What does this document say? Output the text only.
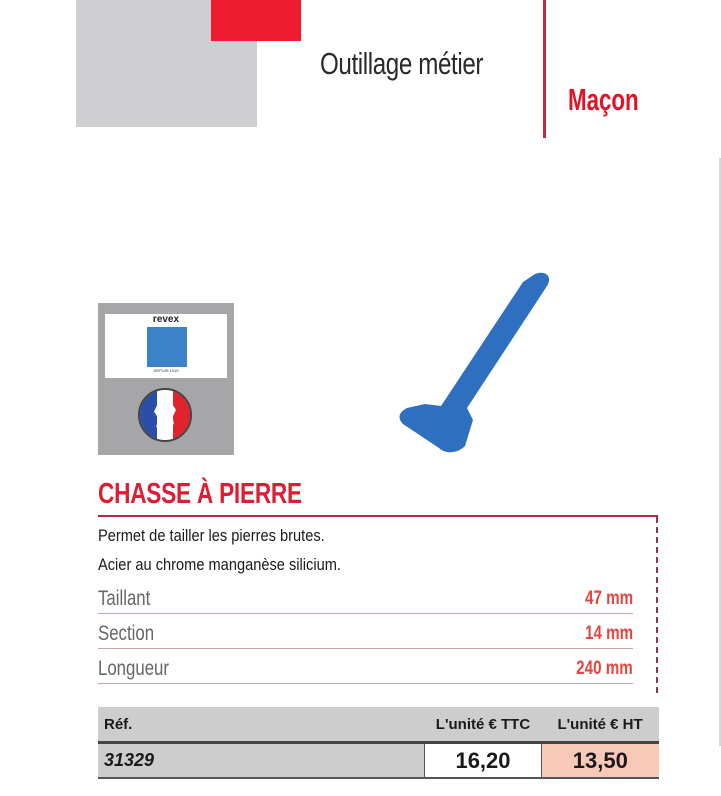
Outillage métier
Maçon
revex
DEPUIS 1919
CHASSE À PIERRE
Permet de tailler les pierres brutes.
Acier au chrome manganèse silicium.
Taillant	47 mm
Section	14 mm
Longueur	240 mm
Réf.	L'unité € TTC	L'unité € HT
31329	16,20	13,50
